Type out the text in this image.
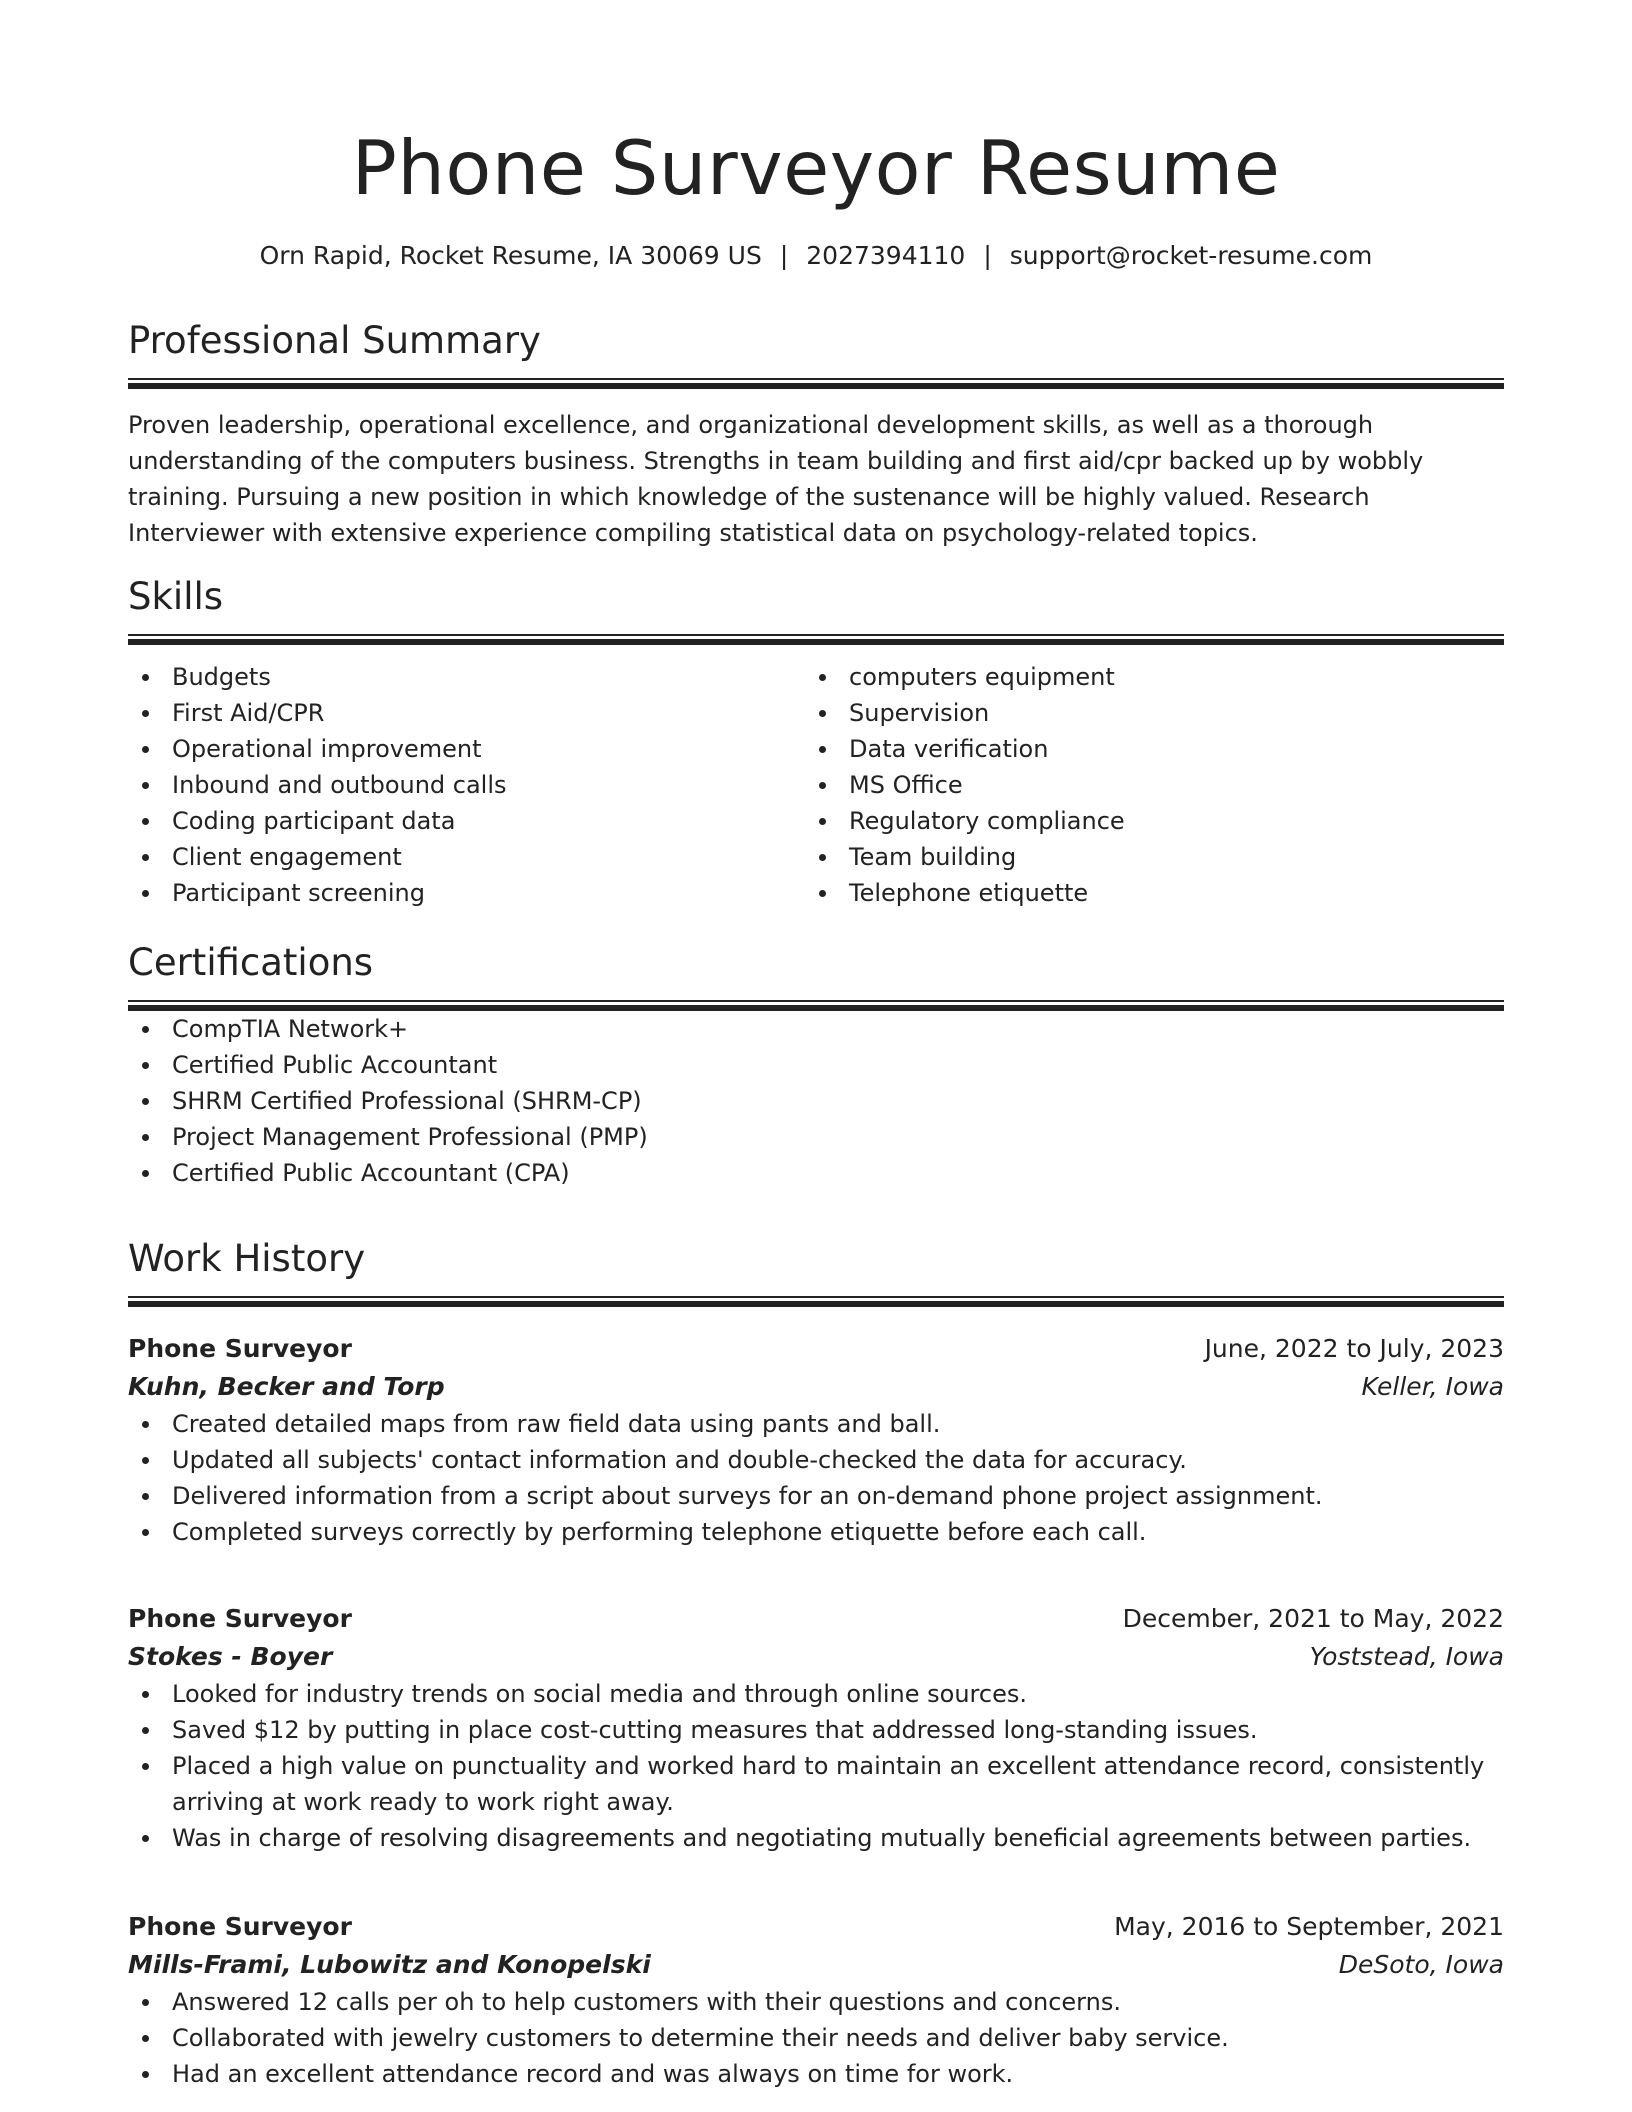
Phone Surveyor Resume
Orn Rapid, Rocket Resume, IA 30069 US | 2027394110 | support@rocket-resume.com
Professional Summary

Proven leadership, operational excellence, and organizational development skills, as well as a thorough understanding of the computers business. Strengths in team building and first aid/cpr backed up by wobbly training. Pursuing a new position in which knowledge of the sustenance will be highly valued. Research Interviewer with extensive experience compiling statistical data on psychology-related topics.

Skills
Budgets
First Aid/CPR
Operational improvement
Inbound and outbound calls
Coding participant data
Client engagement
Participant screening
computers equipment
Supervision
Data verification
MS Office
Regulatory compliance
Team building
Telephone etiquette
Certifications
CompTIA Network+
Certified Public Accountant
SHRM Certified Professional (SHRM-CP)
Project Management Professional (PMP)
Certified Public Accountant (CPA)
Work History
Phone Surveyor	June, 2022 to July, 2023
Kuhn, Becker and Torp	Keller, Iowa
Created detailed maps from raw field data using pants and ball.
Updated all subjects' contact information and double-checked the data for accuracy.
Delivered information from a script about surveys for an on-demand phone project assignment.
Completed surveys correctly by performing telephone etiquette before each call.
Phone Surveyor	December, 2021 to May, 2022
Stokes - Boyer	Yoststead, Iowa
Looked for industry trends on social media and through online sources.
Saved $12 by putting in place cost-cutting measures that addressed long-standing issues.
Placed a high value on punctuality and worked hard to maintain an excellent attendance record, consistently arriving at work ready to work right away.
Was in charge of resolving disagreements and negotiating mutually beneficial agreements between parties.
Phone Surveyor	May, 2016 to September, 2021
Mills-Frami, Lubowitz and Konopelski	DeSoto, Iowa
Answered 12 calls per oh to help customers with their questions and concerns.
Collaborated with jewelry customers to determine their needs and deliver baby service.
Had an excellent attendance record and was always on time for work.
